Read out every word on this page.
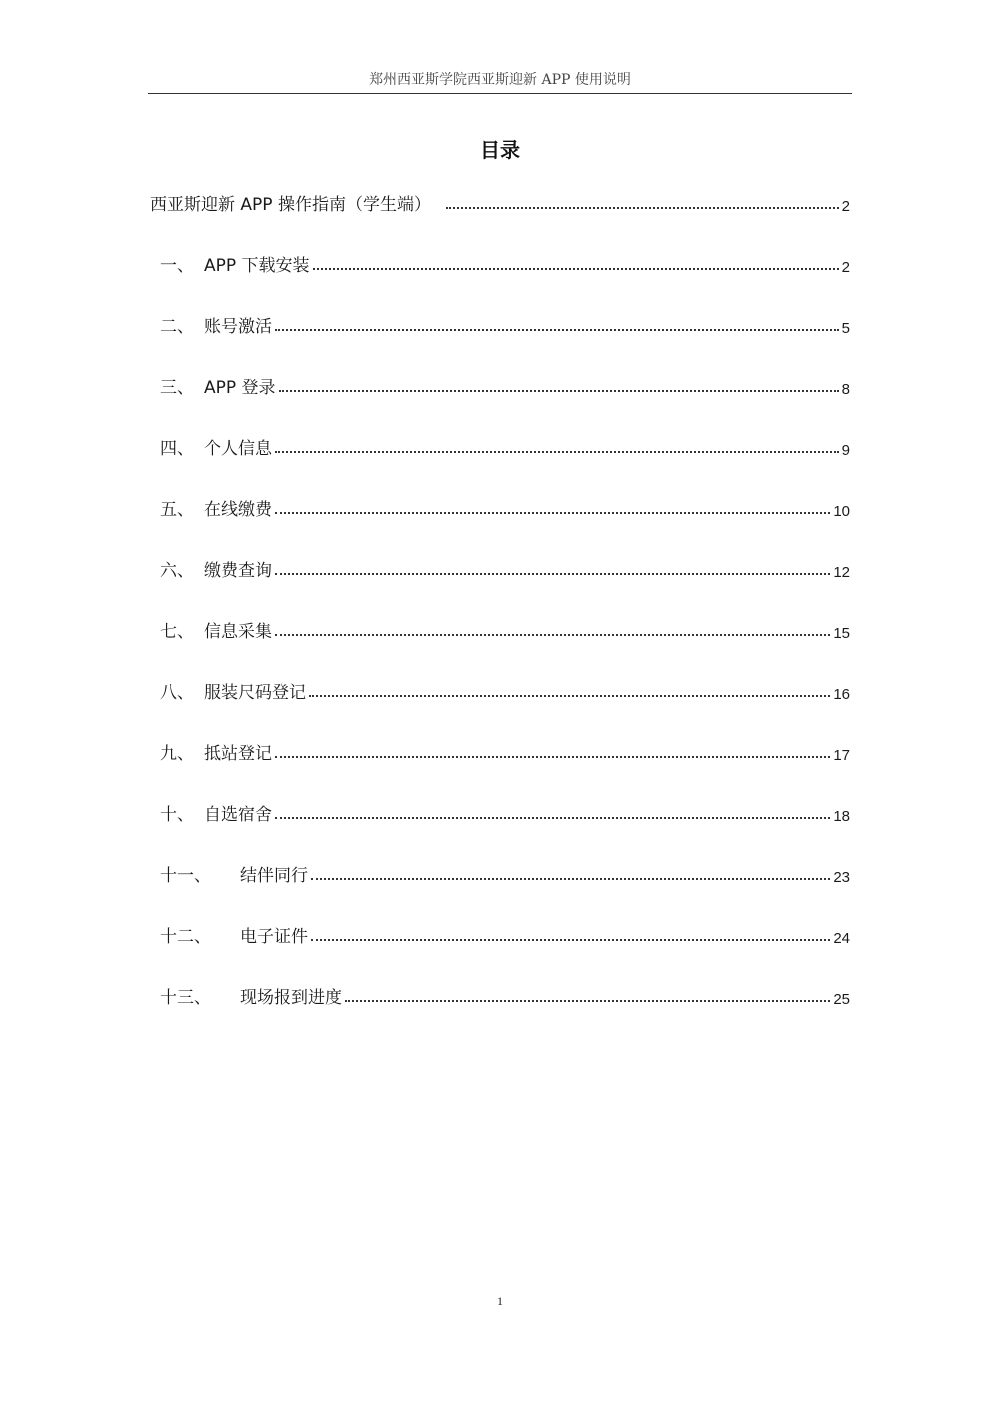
郑州西亚斯学院西亚斯迎新 APP 使用说明
目录
西亚斯迎新 APP 操作指南（学生端）	2
一、 APP 下载安装	2
二、 账号激活	5
三、 APP 登录	8
四、 个人信息	9
五、 在线缴费	10
六、 缴费查询	12
七、 信息采集	15
八、 服装尺码登记	16
九、 抵站登记	17
十、 自选宿舍	18
十一、	结伴同行	23
十二、	电子证件	24
十三、	现场报到进度	25
1
